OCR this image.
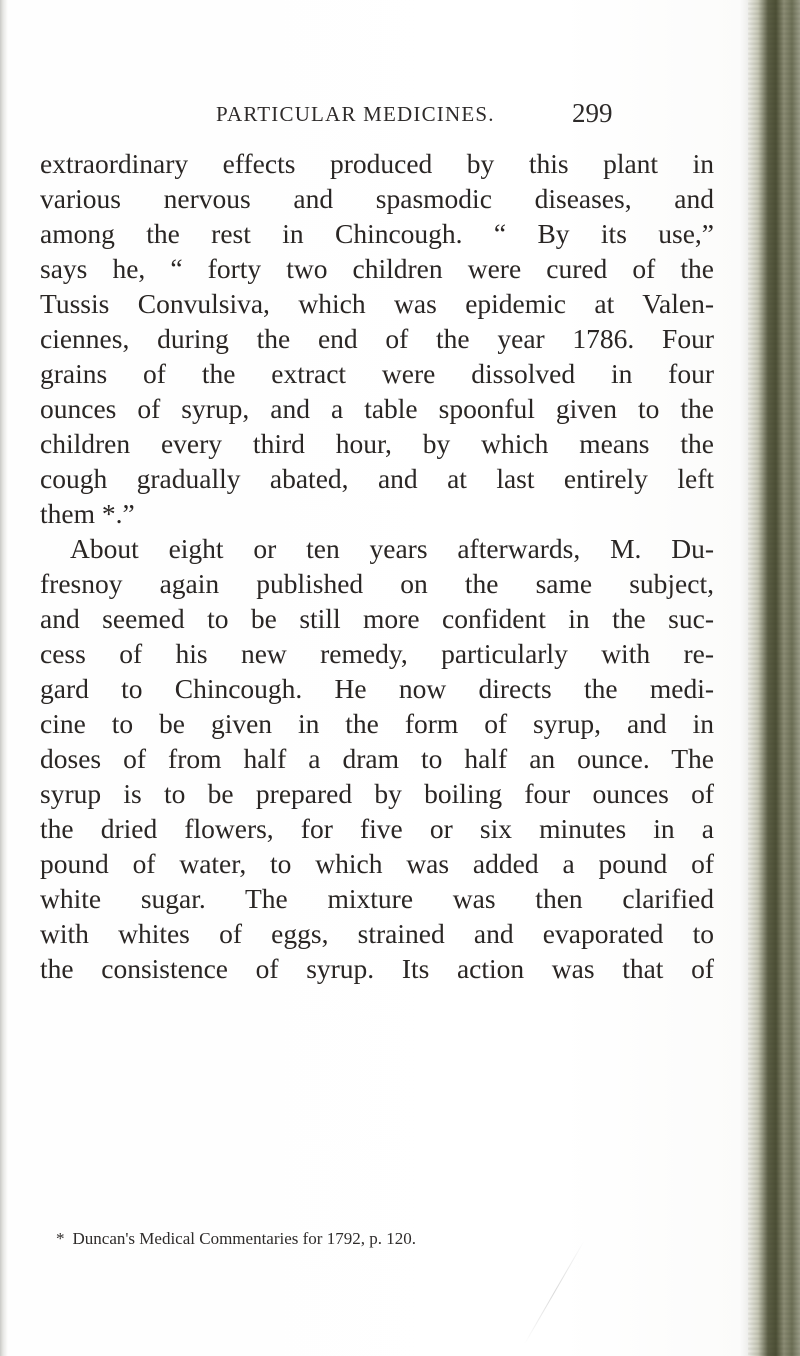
PARTICULAR MEDICINES.	299
extraordinary effects produced by this plant in
various nervous and spasmodic diseases, and
among the rest in Chincough. “ By its use,”
says he, “ forty two children were cured of the
Tussis Convulsiva, which was epidemic at Valen-
ciennes, during the end of the year 1786. Four
grains of the extract were dissolved in four
ounces of syrup, and a table spoonful given to the
children every third hour, by which means the
cough gradually abated, and at last entirely left
them *.”
About eight or ten years afterwards, M. Du-
fresnoy again published on the same subject,
and seemed to be still more confident in the suc-
cess of his new remedy, particularly with re-
gard to Chincough. He now directs the medi-
cine to be given in the form of syrup, and in
doses of from half a dram to half an ounce. The
syrup is to be prepared by boiling four ounces of
the dried flowers, for five or six minutes in a
pound of water, to which was added a pound of
white sugar. The mixture was then clarified
with whites of eggs, strained and evaporated to
the consistence of syrup. Its action was that of
* Duncan's Medical Commentaries for 1792, p. 120.
